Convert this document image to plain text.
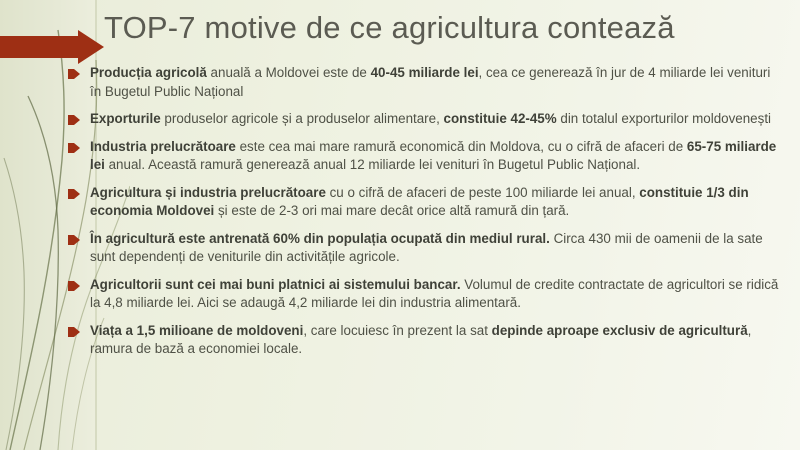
TOP-7 motive de ce agricultura contează
Producția agricolă anuală a Moldovei este de 40-45 miliarde lei, cea ce generează în jur de 4 miliarde lei venituri în Bugetul Public Național
Exporturile produselor agricole și a produselor alimentare, constituie 42-45% din totalul exporturilor moldovenești
Industria prelucrătoare este cea mai mare ramură economică din Moldova, cu o cifră de afaceri de 65-75 miliarde lei anual. Această ramură generează anual 12 miliarde lei venituri în Bugetul Public Național.
Agricultura și industria prelucrătoare cu o cifră de afaceri de peste 100 miliarde lei anual, constituie 1/3 din economia Moldovei și este de 2-3 ori mai mare decât orice altă ramură din țară.
În agricultură este antrenată 60% din populația ocupată din mediul rural. Circa 430 mii de oamenii de la sate sunt dependenți de veniturile din activitățile agricole.
Agricultorii sunt cei mai buni platnici ai sistemului bancar. Volumul de credite contractate de agricultori se ridică la 4,8 miliarde lei. Aici se adaugă 4,2 miliarde lei din industria alimentară.
Viața a 1,5 milioane de moldoveni, care locuiesc în prezent la sat depinde aproape exclusiv de agricultură, ramura de bază a economiei locale.
